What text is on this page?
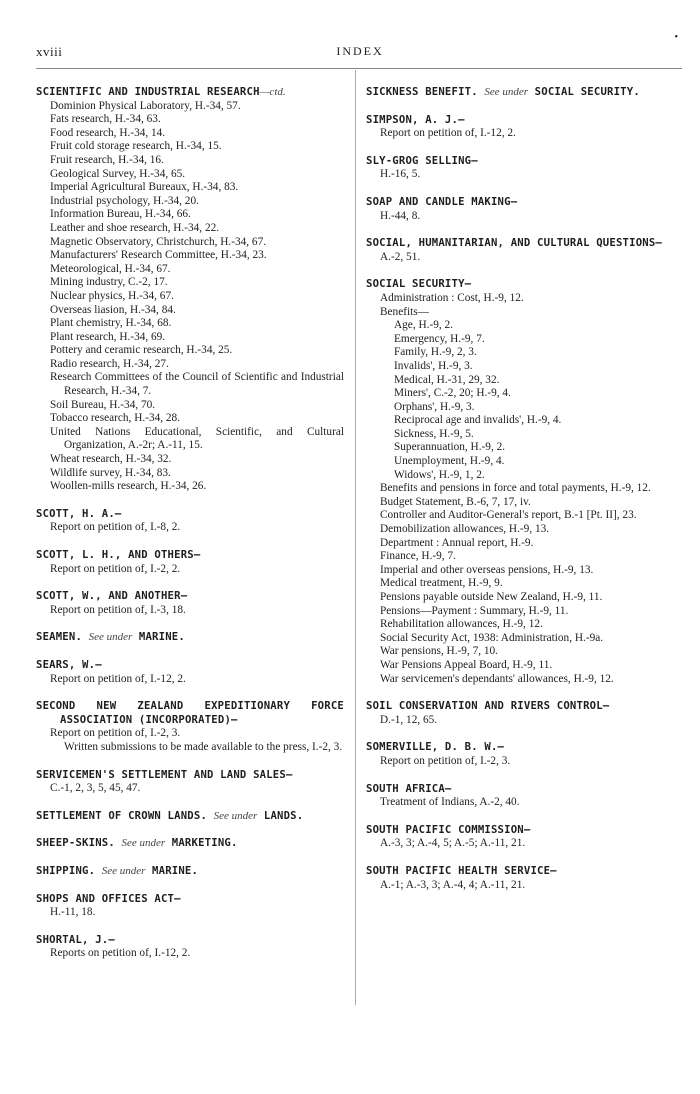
xviii	INDEX
•
SCIENTIFIC AND INDUSTRIAL RESEARCH—ctd.
Dominion Physical Laboratory, H.-34, 57.
Fats research, H.-34, 63.
Food research, H.-34, 14.
Fruit cold storage research, H.-34, 15.
Fruit research, H.-34, 16.
Geological Survey, H.-34, 65.
Imperial Agricultural Bureaux, H.-34, 83.
Industrial psychology, H.-34, 20.
Information Bureau, H.-34, 66.
Leather and shoe research, H.-34, 22.
Magnetic Observatory, Christchurch, H.-34, 67.
Manufacturers' Research Committee, H.-34, 23.
Meteorological, H.-34, 67.
Mining industry, C.-2, 17.
Nuclear physics, H.-34, 67.
Overseas liasion, H.-34, 84.
Plant chemistry, H.-34, 68.
Plant research, H.-34, 69.
Pottery and ceramic research, H.-34, 25.
Radio research, H.-34, 27.
Research Committees of the Council of Scientific and Industrial Research, H.-34, 7.
Soil Bureau, H.-34, 70.
Tobacco research, H.-34, 28.
United Nations Educational, Scientific, and Cultural Organization, A.-2r; A.-11, 15.
Wheat research, H.-34, 32.
Wildlife survey, H.-34, 83.
Woollen-mills research, H.-34, 26.
SCOTT, H. A.—
Report on petition of, I.-8, 2.
SCOTT, L. H., AND OTHERS—
Report on petition of, I.-2, 2.
SCOTT, W., AND ANOTHER—
Report on petition of, I.-3, 18.
SEAMEN. See under MARINE.
SEARS, W.—
Report on petition of, I.-12, 2.
SECOND NEW ZEALAND EXPEDITIONARY FORCE ASSOCIATION (INCORPORATED)—
Report on petition of, I.-2, 3.
Written submissions to be made available to the press, I.-2, 3.
SERVICEMEN'S SETTLEMENT AND LAND SALES—
C.-1, 2, 3, 5, 45, 47.
SETTLEMENT OF CROWN LANDS. See under LANDS.
SHEEP-SKINS. See under MARKETING.
SHIPPING. See under MARINE.
SHOPS AND OFFICES ACT—
H.-11, 18.
SHORTAL, J.—
Reports on petition of, I.-12, 2.
SICKNESS BENEFIT. See under SOCIAL SECURITY.
SIMPSON, A. J.—
Report on petition of, I.-12, 2.
SLY-GROG SELLING—
H.-16, 5.
SOAP AND CANDLE MAKING—
H.-44, 8.
SOCIAL, HUMANITARIAN, AND CULTURAL QUESTIONS—
A.-2, 51.
SOCIAL SECURITY—
Administration : Cost, H.-9, 12.
Benefits—
Age, H.-9, 2.
Emergency, H.-9, 7.
Family, H.-9, 2, 3.
Invalids', H.-9, 3.
Medical, H.-31, 29, 32.
Miners', C.-2, 20; H.-9, 4.
Orphans', H.-9, 3.
Reciprocal age and invalids', H.-9, 4.
Sickness, H.-9, 5.
Superannuation, H.-9, 2.
Unemployment, H.-9, 4.
Widows', H.-9, 1, 2.
Benefits and pensions in force and total payments, H.-9, 12.
Budget Statement, B.-6, 7, 17, iv.
Controller and Auditor-General's report, B.-1 [Pt. II], 23.
Demobilization allowances, H.-9, 13.
Department : Annual report, H.-9.
Finance, H.-9, 7.
Imperial and other overseas pensions, H.-9, 13.
Medical treatment, H.-9, 9.
Pensions payable outside New Zealand, H.-9, 11.
Pensions—Payment : Summary, H.-9, 11.
Rehabilitation allowances, H.-9, 12.
Social Security Act, 1938: Administration, H.-9a.
War pensions, H.-9, 7, 10.
War Pensions Appeal Board, H.-9, 11.
War servicemen's dependants' allowances, H.-9, 12.
SOIL CONSERVATION AND RIVERS CONTROL—
D.-1, 12, 65.
SOMERVILLE, D. B. W.—
Report on petition of, I.-2, 3.
SOUTH AFRICA—
Treatment of Indians, A.-2, 40.
SOUTH PACIFIC COMMISSION—
A.-3, 3; A.-4, 5; A.-5; A.-11, 21.
SOUTH PACIFIC HEALTH SERVICE—
A.-1; A.-3, 3; A.-4, 4; A.-11, 21.
